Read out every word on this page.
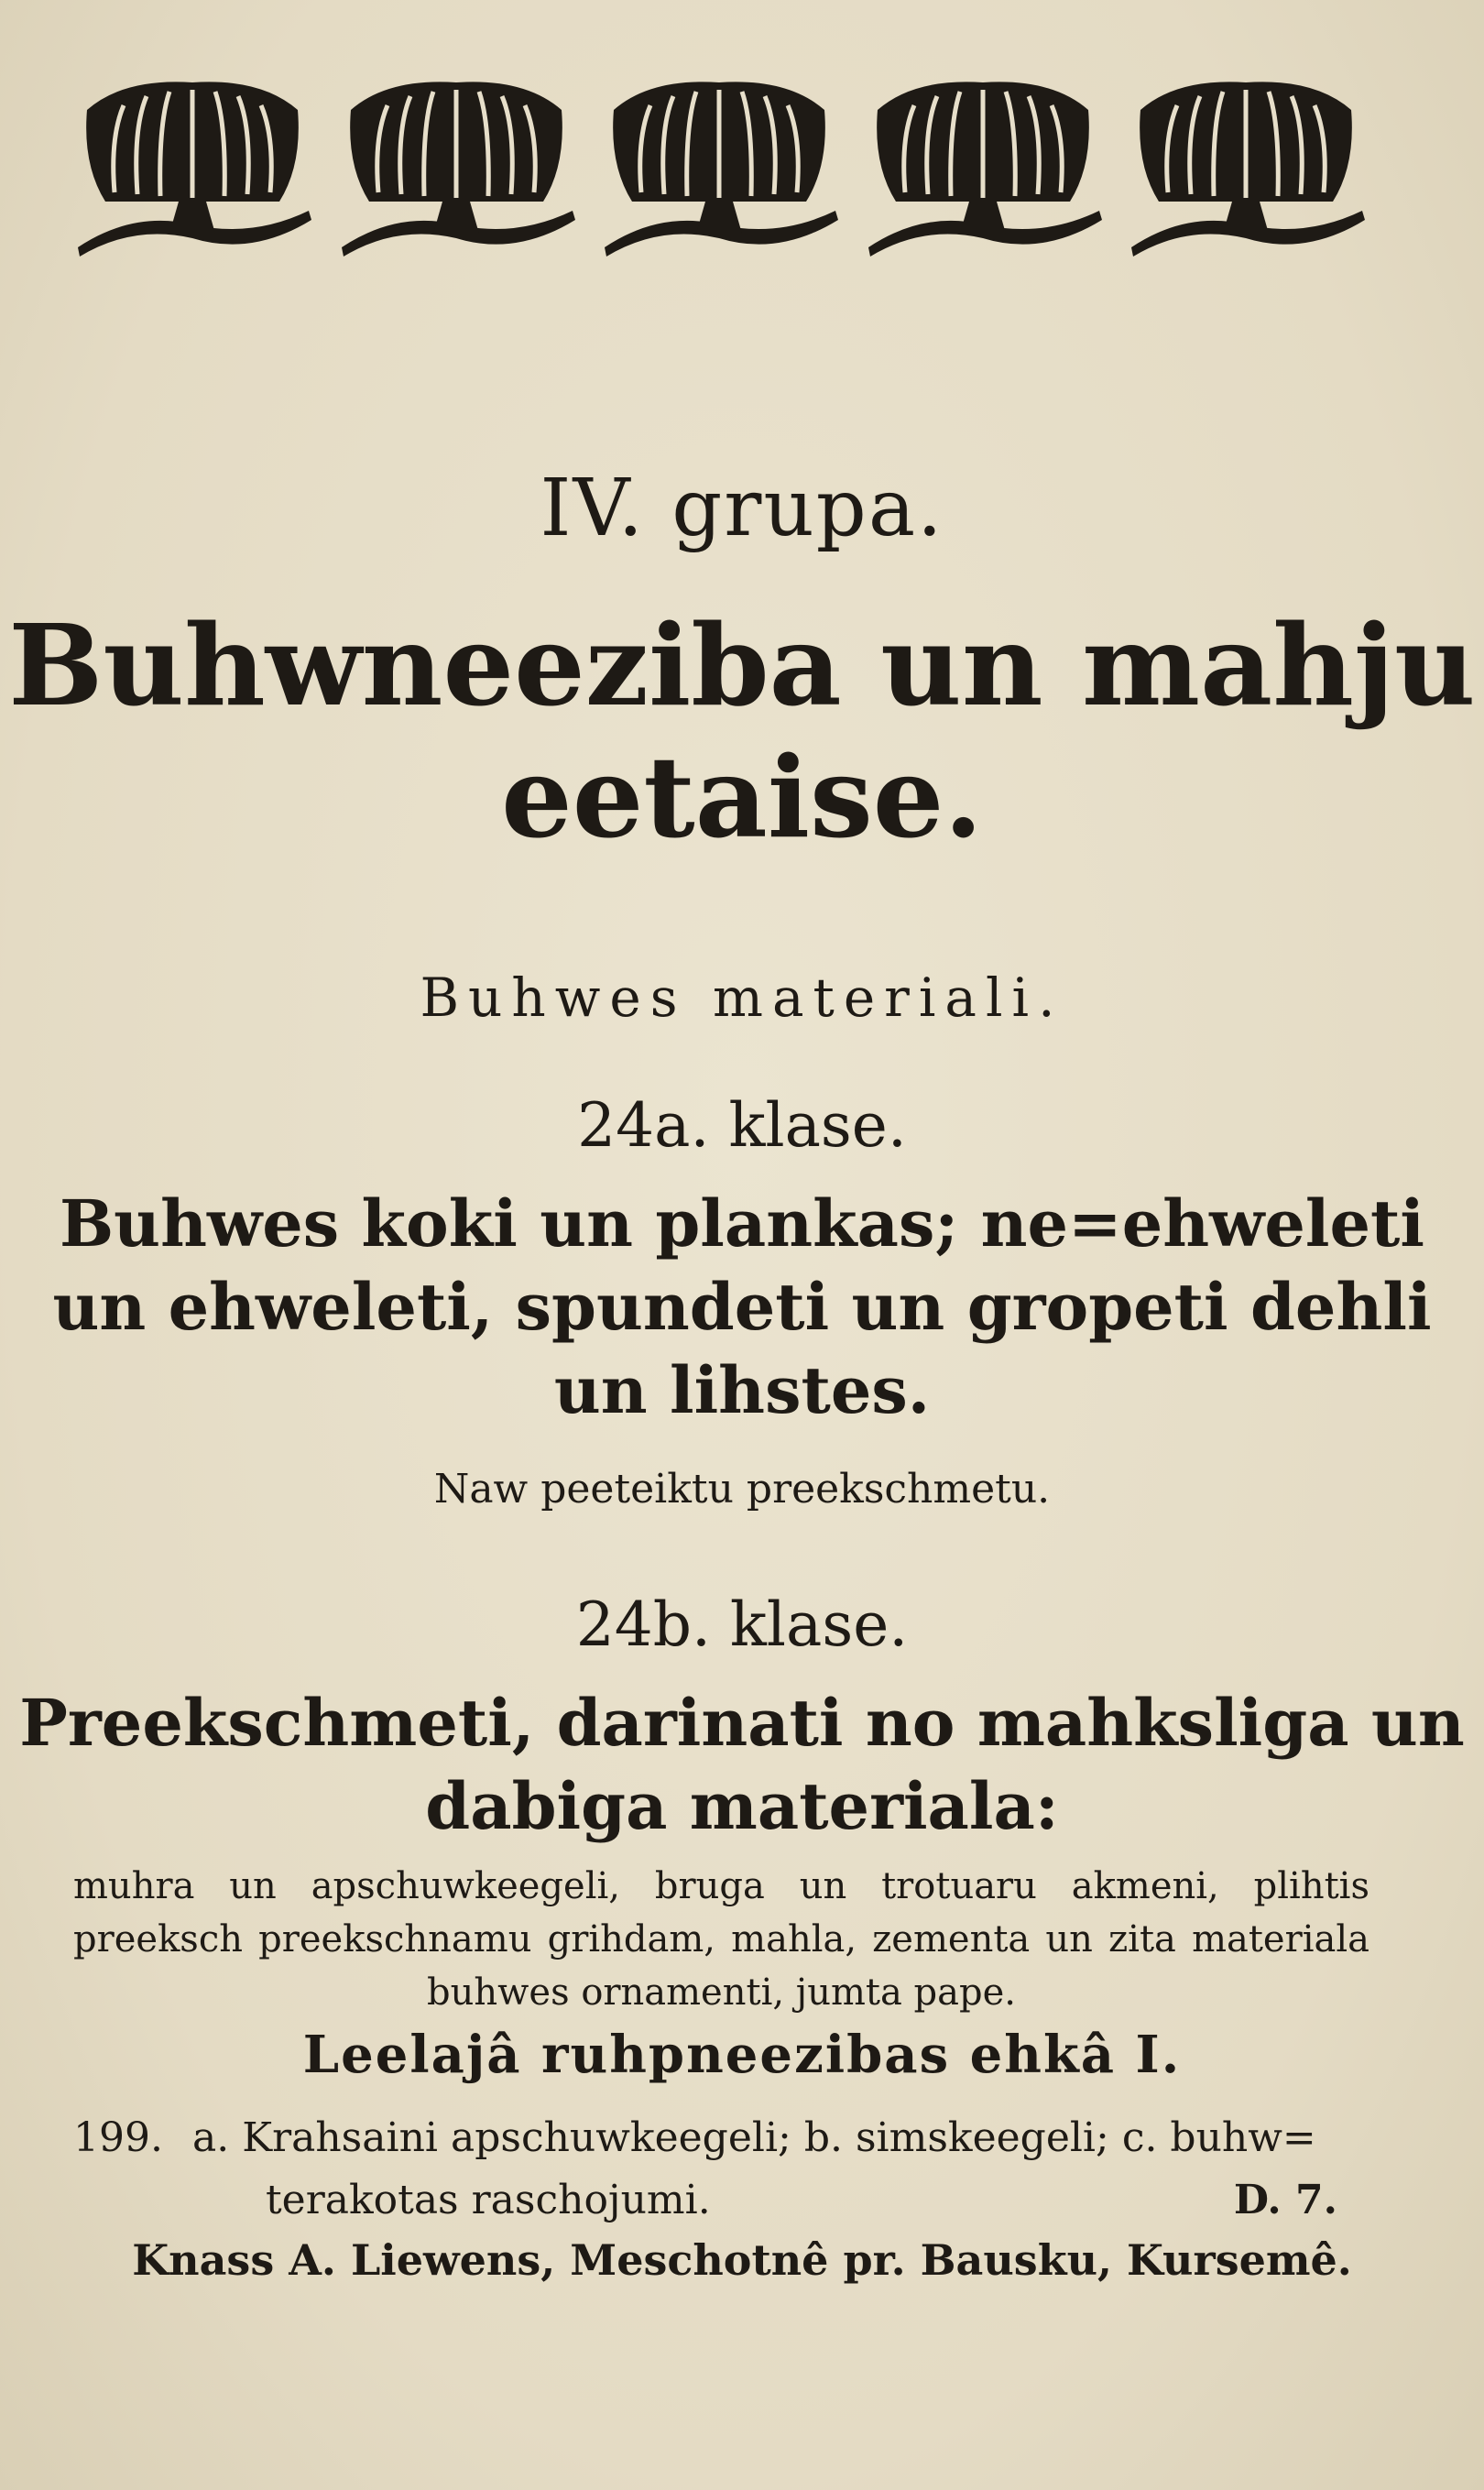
IV. grupa.
Buhwneeziba un mahju
eetaise.
Buhwes materiali.
24a. klase.
Buhwes koki un plankas; ne=ehweleti
un ehweleti, spundeti un gropeti dehli
un lihstes.
Naw peeteiktu preekschmetu.
24b. klase.
Preekschmeti, darinati no mahksliga un
dabiga materiala:
muhra un apschuwkeegeli, bruga un trotuaru akmeni, plihtis preeksch preekschnamu grihdam, mahla, zementa un zita materiala buhwes ornamenti, jumta pape.
Leelajâ ruhpneezibas ehkâ I.
199. a. Krahsaini apschuwkeegeli; b. simskeegeli; c. buhw=
terakotas raschojumi.	D. 7.
Knass A. Liewens, Meschotnê pr. Bausku, Kursemê.
